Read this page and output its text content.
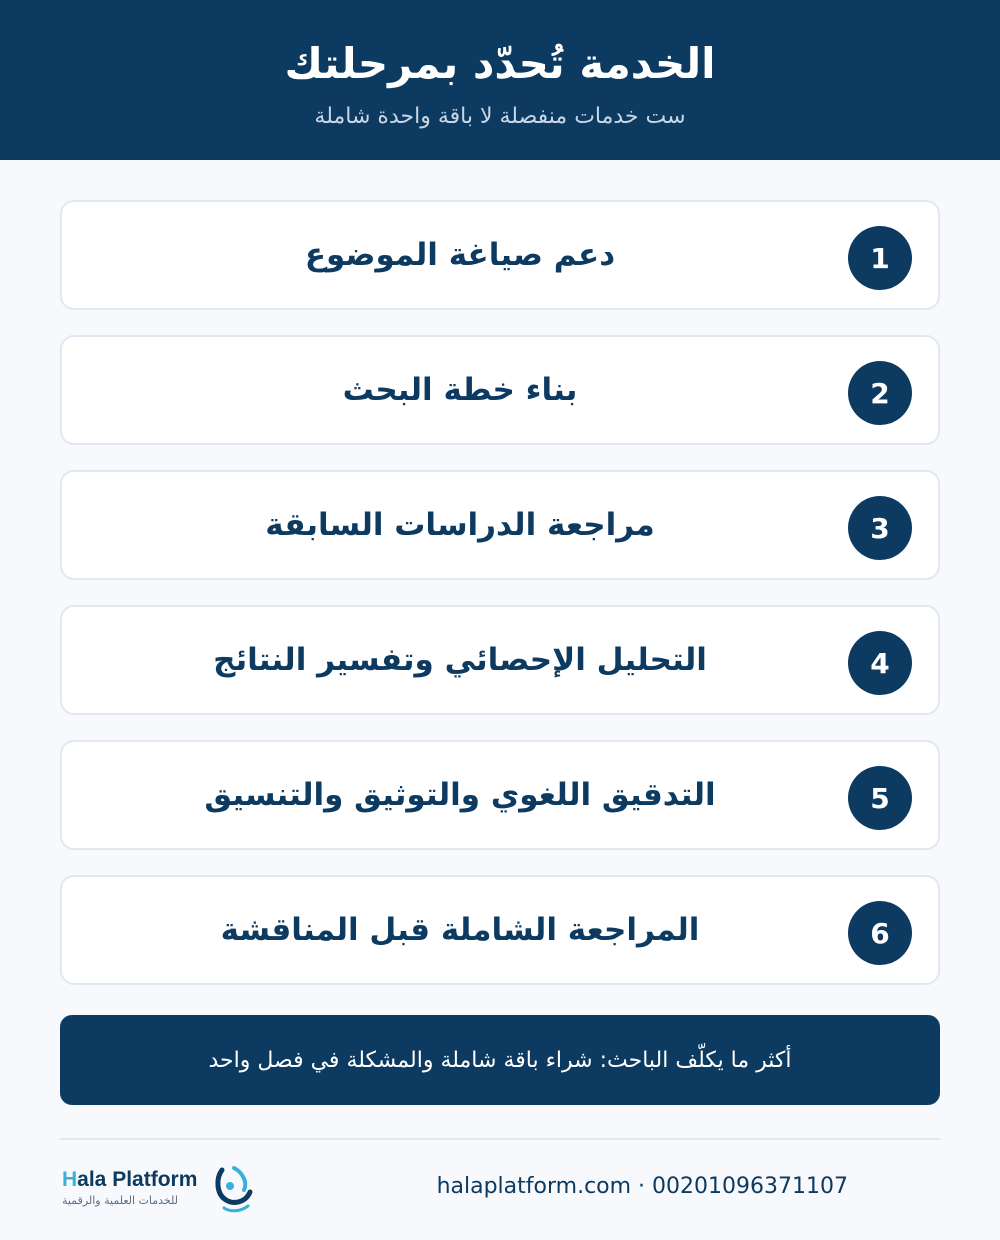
الخدمة تُحدّد بمرحلتك
ست خدمات منفصلة لا باقة واحدة شاملة
1
دعم صياغة الموضوع
2
بناء خطة البحث
3
مراجعة الدراسات السابقة
4
التحليل الإحصائي وتفسير النتائج
5
التدقيق اللغوي والتوثيق والتنسيق
6
المراجعة الشاملة قبل المناقشة
أكثر ما يكلّف الباحث: شراء باقة شاملة والمشكلة في فصل واحد
Hala Platform
للخدمات العلمية والرقمية
halaplatform.com · 00201096371107
